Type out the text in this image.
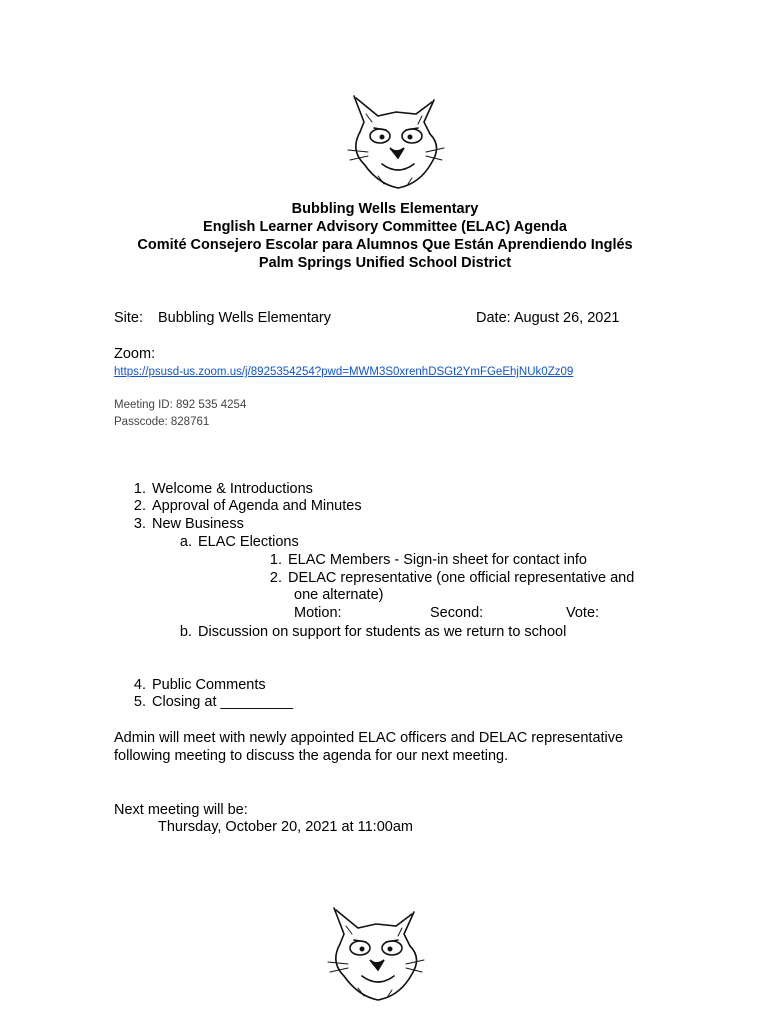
Bubbling Wells Elementary
English Learner Advisory Committee (ELAC) Agenda
Comité Consejero Escolar para Alumnos Que Están Aprendiendo Inglés
Palm Springs Unified School District
Site: Bubbling Wells Elementary	Date: August 26, 2021
Zoom:
https://psusd-us.zoom.us/j/8925354254?pwd=MWM3S0xrenhDSGt2YmFGeEhjNUk0Zz09
Meeting ID: 892 535 4254
Passcode: 828761
1. Welcome & Introductions
2. Approval of Agenda and Minutes
3. New Business
a. ELAC Elections
1. ELAC Members - Sign-in sheet for contact info
2. DELAC representative (one official representative and
one alternate)
Motion:	Second:	Vote:
b. Discussion on support for students as we return to school
4. Public Comments
5. Closing at _________
Admin will meet with newly appointed ELAC officers and DELAC representative
following meeting to discuss the agenda for our next meeting.
Next meeting will be:
Thursday, October 20, 2021 at 11:00am
